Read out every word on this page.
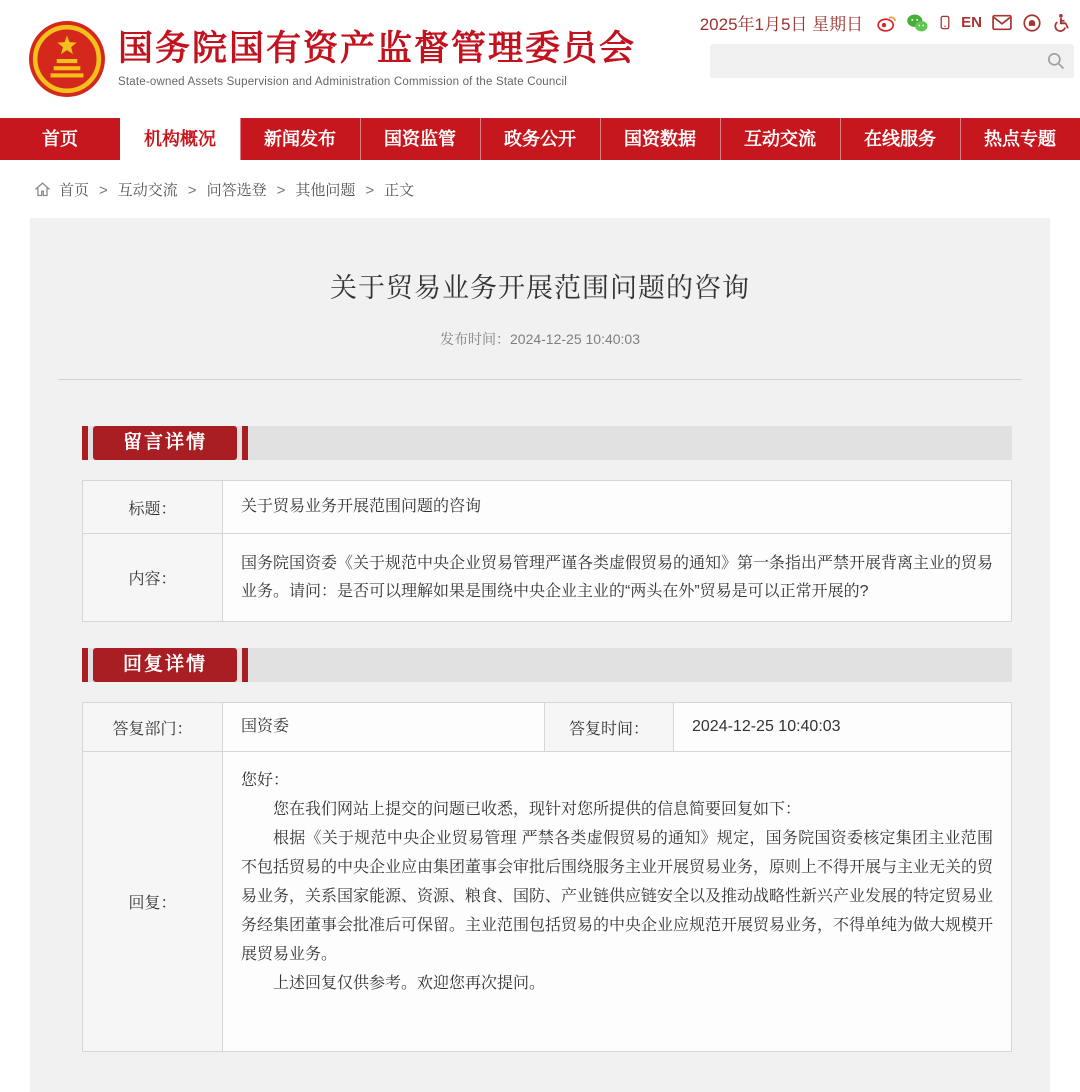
国务院国有资产监督管理委员会
State-owned Assets Supervision and Administration Commission of the State Council
2025年1月5日 星期日	EN
首页	机构概况	新闻发布	国资监管	政务公开	国资数据	互动交流	在线服务	热点专题
首页 > 互动交流 > 问答选登 > 其他问题 > 正文
关于贸易业务开展范围问题的咨询
发布时间：2024-12-25 10:40:03
留言详情
标题：	关于贸易业务开展范围问题的咨询
内容：
国务院国资委《关于规范中央企业贸易管理严谨各类虚假贸易的通知》第一条指出严禁开展背离主业的贸易业务。请问：是否可以理解如果是围绕中央企业主业的“两头在外”贸易是可以正常开展的?
回复详情
答复部门：	国资委	答复时间：	2024-12-25 10:40:03
回复：

您好：

您在我们网站上提交的问题已收悉，现针对您所提供的信息简要回复如下：

根据《关于规范中央企业贸易管理 严禁各类虚假贸易的通知》规定，国务院国资委核定集团主业范围不包括贸易的中央企业应由集团董事会审批后围绕服务主业开展贸易业务，原则上不得开展与主业无关的贸易业务，关系国家能源、资源、粮食、国防、产业链供应链安全以及推动战略性新兴产业发展的特定贸易业务经集团董事会批准后可保留。主业范围包括贸易的中央企业应规范开展贸易业务，不得单纯为做大规模开展贸易业务。

上述回复仅供参考。欢迎您再次提问。
